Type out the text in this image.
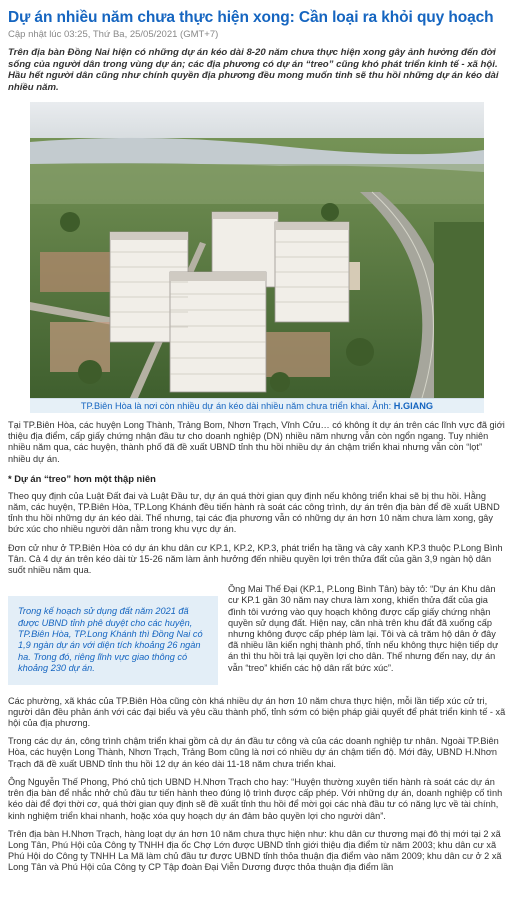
Dự án nhiều năm chưa thực hiện xong: Cần loại ra khỏi quy hoạch
Cập nhật lúc 03:25, Thứ Ba, 25/05/2021 (GMT+7)
Trên địa bàn Đồng Nai hiện có những dự án kéo dài 8-20 năm chưa thực hiện xong gây ảnh hưởng đến đời sống của người dân trong vùng dự án; các địa phương có dự án “treo” cũng khó phát triển kinh tế - xã hội. Hầu hết người dân cũng như chính quyền địa phương đều mong muốn tỉnh sẽ thu hồi những dự án kéo dài nhiều năm.
TP.Biên Hòa là nơi còn nhiều dự án kéo dài nhiều năm chưa triển khai. Ảnh: H.GIANG
Tại TP.Biên Hòa, các huyện Long Thành, Trảng Bom, Nhơn Trạch, Vĩnh Cửu… có không ít dự án trên các lĩnh vực đã giới thiệu địa điểm, cấp giấy chứng nhận đầu tư cho doanh nghiệp (DN) nhiều năm nhưng vẫn còn ngổn ngang. Tuy nhiên nhiều năm qua, các huyện, thành phố đã đề xuất UBND tỉnh thu hồi nhiều dự án chậm triển khai nhưng vẫn còn “lọt” nhiều dự án.
* Dự án “treo” hơn một thập niên
Theo quy định của Luật Đất đai và Luật Đầu tư, dự án quá thời gian quy định nếu không triển khai sẽ bị thu hồi. Hằng năm, các huyện, TP.Biên Hòa, TP.Long Khánh đều tiến hành rà soát các công trình, dự án trên địa bàn để đề xuất UBND tỉnh thu hồi những dự án kéo dài. Thế nhưng, tại các địa phương vẫn có những dự án hơn 10 năm chưa làm xong, gây bức xúc cho nhiều người dân nằm trong khu vực dự án.
Đơn cử như ở TP.Biên Hòa có dự án khu dân cư KP.1, KP.2, KP.3, phát triển hạ tầng và cây xanh KP.3 thuộc P.Long Bình Tân. Cả 4 dự án trên kéo dài từ 15-26 năm làm ảnh hưởng đến nhiều quyền lợi trên thửa đất của gần 3,9 ngàn hộ dân suốt nhiều năm qua.
Trong kế hoạch sử dụng đất năm 2021 đã được UBND tỉnh phê duyệt cho các huyện, TP.Biên Hòa, TP.Long Khánh thì Đồng Nai có 1,9 ngàn dự án với diện tích khoảng 26 ngàn ha. Trong đó, riêng lĩnh vực giao thông có khoảng 230 dự án.
Ông Mai Thế Đại (KP.1, P.Long Bình Tân) bày tỏ: “Dự án Khu dân cư KP.1 gần 30 năm nay chưa làm xong, khiến thửa đất của gia đình tôi vướng vào quy hoạch không được cấp giấy chứng nhận quyền sử dụng đất. Hiện nay, căn nhà trên khu đất đã xuống cấp nhưng không được cấp phép làm lại. Tôi và cả trăm hộ dân ở đây đã nhiều lần kiến nghị thành phố, tỉnh nếu không thực hiện tiếp dự án thì thu hồi trả lại quyền lợi cho dân. Thế nhưng đến nay, dự án vẫn “treo” khiến các hộ dân rất bức xúc”.
Các phường, xã khác của TP.Biên Hòa cũng còn khá nhiều dự án hơn 10 năm chưa thực hiện, mỗi lần tiếp xúc cử tri, người dân đều phản ánh với các đại biểu và yêu cầu thành phố, tỉnh sớm có biện pháp giải quyết để phát triển kinh tế - xã hội của địa phương.
Trong các dự án, công trình chậm triển khai gồm cả dự án đầu tư công và của các doanh nghiệp tư nhân. Ngoài TP.Biên Hòa, các huyện Long Thành, Nhơn Trạch, Trảng Bom cũng là nơi có nhiều dự án chậm tiến độ. Mới đây, UBND H.Nhơn Trạch đã đề xuất UBND tỉnh thu hồi 12 dự án kéo dài 11-18 năm chưa triển khai.
Ông Nguyễn Thế Phong, Phó chủ tịch UBND H.Nhơn Trạch cho hay: “Huyện thường xuyên tiến hành rà soát các dự án trên địa bàn để nhắc nhở chủ đầu tư tiến hành theo đúng lộ trình được cấp phép. Với những dự án, doanh nghiệp cố tình kéo dài để đợi thời cơ, quá thời gian quy định sẽ đề xuất tỉnh thu hồi để mời gọi các nhà đầu tư có năng lực về tài chính, kinh nghiệm triển khai nhanh, hoặc xóa quy hoạch dự án đảm bảo quyền lợi cho người dân”.
Trên địa bàn H.Nhơn Trạch, hàng loạt dự án hơn 10 năm chưa thực hiện như: khu dân cư thương mại đô thị mới tại 2 xã Long Tân, Phú Hội của Công ty TNHH địa ốc Chợ Lớn được UBND tỉnh giới thiệu địa điểm từ năm 2003; khu dân cư xã Phú Hội do Công ty TNHH La Mã làm chủ đầu tư được UBND tỉnh thỏa thuận địa điểm vào năm 2009; khu dân cư ở 2 xã Long Tân và Phú Hội của Công ty CP Tập đoàn Đại Viễn Dương được thỏa thuận địa điểm lần
